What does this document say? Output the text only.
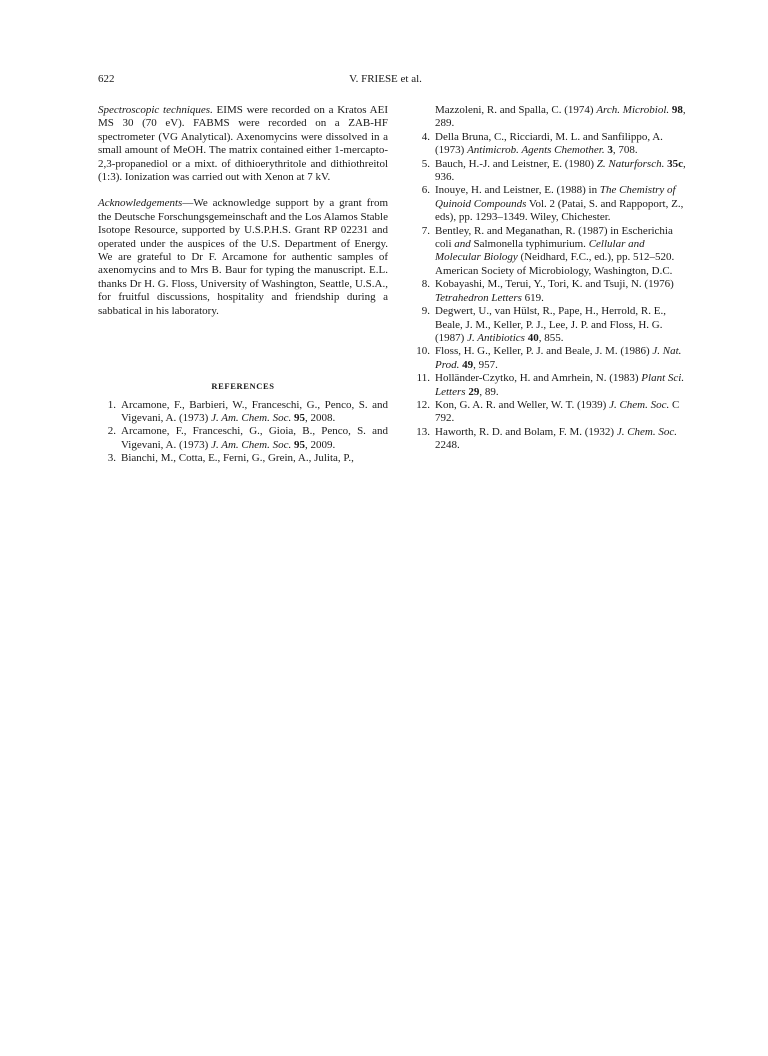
622	V. FRIESE et al.

Spectroscopic techniques. EIMS were recorded on a Kratos AEI MS 30 (70 eV). FABMS were recorded on a ZAB-HF spectrometer (VG Analytical). Axenomycins were dissolved in a small amount of MeOH. The matrix contained either 1-mercapto-2,3-propanediol or a mixt. of dithioerythritole and dithiothreitol (1:3). Ionization was carried out with Xenon at 7 kV.

Acknowledgements—We acknowledge support by a grant from the Deutsche Forschungsgemeinschaft and the Los Alamos Stable Isotope Resource, supported by U.S.P.H.S. Grant RP 02231 and operated under the auspices of the U.S. Department of Energy. We are grateful to Dr F. Arcamone for authentic samples of axenomycins and to Mrs B. Baur for typing the manuscript. E.L. thanks Dr H. G. Floss, University of Washington, Seattle, U.S.A., for fruitful discussions, hospitality and friendship during a sabbatical in his laboratory.

REFERENCES
1. Arcamone, F., Barbieri, W., Franceschi, G., Penco, S. and Vigevani, A. (1973) J. Am. Chem. Soc. 95, 2008.
2. Arcamone, F., Franceschi, G., Gioia, B., Penco, S. and Vigevani, A. (1973) J. Am. Chem. Soc. 95, 2009.
3. Bianchi, M., Cotta, E., Ferni, G., Grein, A., Julita, P.,
Mazzoleni, R. and Spalla, C. (1974) Arch. Microbiol. 98, 289.
4. Della Bruna, C., Ricciardi, M. L. and Sanfilippo, A. (1973) Antimicrob. Agents Chemother. 3, 708.
5. Bauch, H.-J. and Leistner, E. (1980) Z. Naturforsch. 35c, 936.
6. Inouye, H. and Leistner, E. (1988) in The Chemistry of Quinoid Compounds Vol. 2 (Patai, S. and Rappoport, Z., eds), pp. 1293–1349. Wiley, Chichester.
7. Bentley, R. and Meganathan, R. (1987) in Escherichia coli and Salmonella typhimurium. Cellular and Molecular Biology (Neidhard, F.C., ed.), pp. 512–520. American Society of Microbiology, Washington, D.C.
8. Kobayashi, M., Terui, Y., Tori, K. and Tsuji, N. (1976) Tetrahedron Letters 619.
9. Degwert, U., van Hülst, R., Pape, H., Herrold, R. E., Beale, J. M., Keller, P. J., Lee, J. P. and Floss, H. G. (1987) J. Antibiotics 40, 855.
10. Floss, H. G., Keller, P. J. and Beale, J. M. (1986) J. Nat. Prod. 49, 957.
11. Holländer-Czytko, H. and Amrhein, N. (1983) Plant Sci. Letters 29, 89.
12. Kon, G. A. R. and Weller, W. T. (1939) J. Chem. Soc. C 792.
13. Haworth, R. D. and Bolam, F. M. (1932) J. Chem. Soc. 2248.
